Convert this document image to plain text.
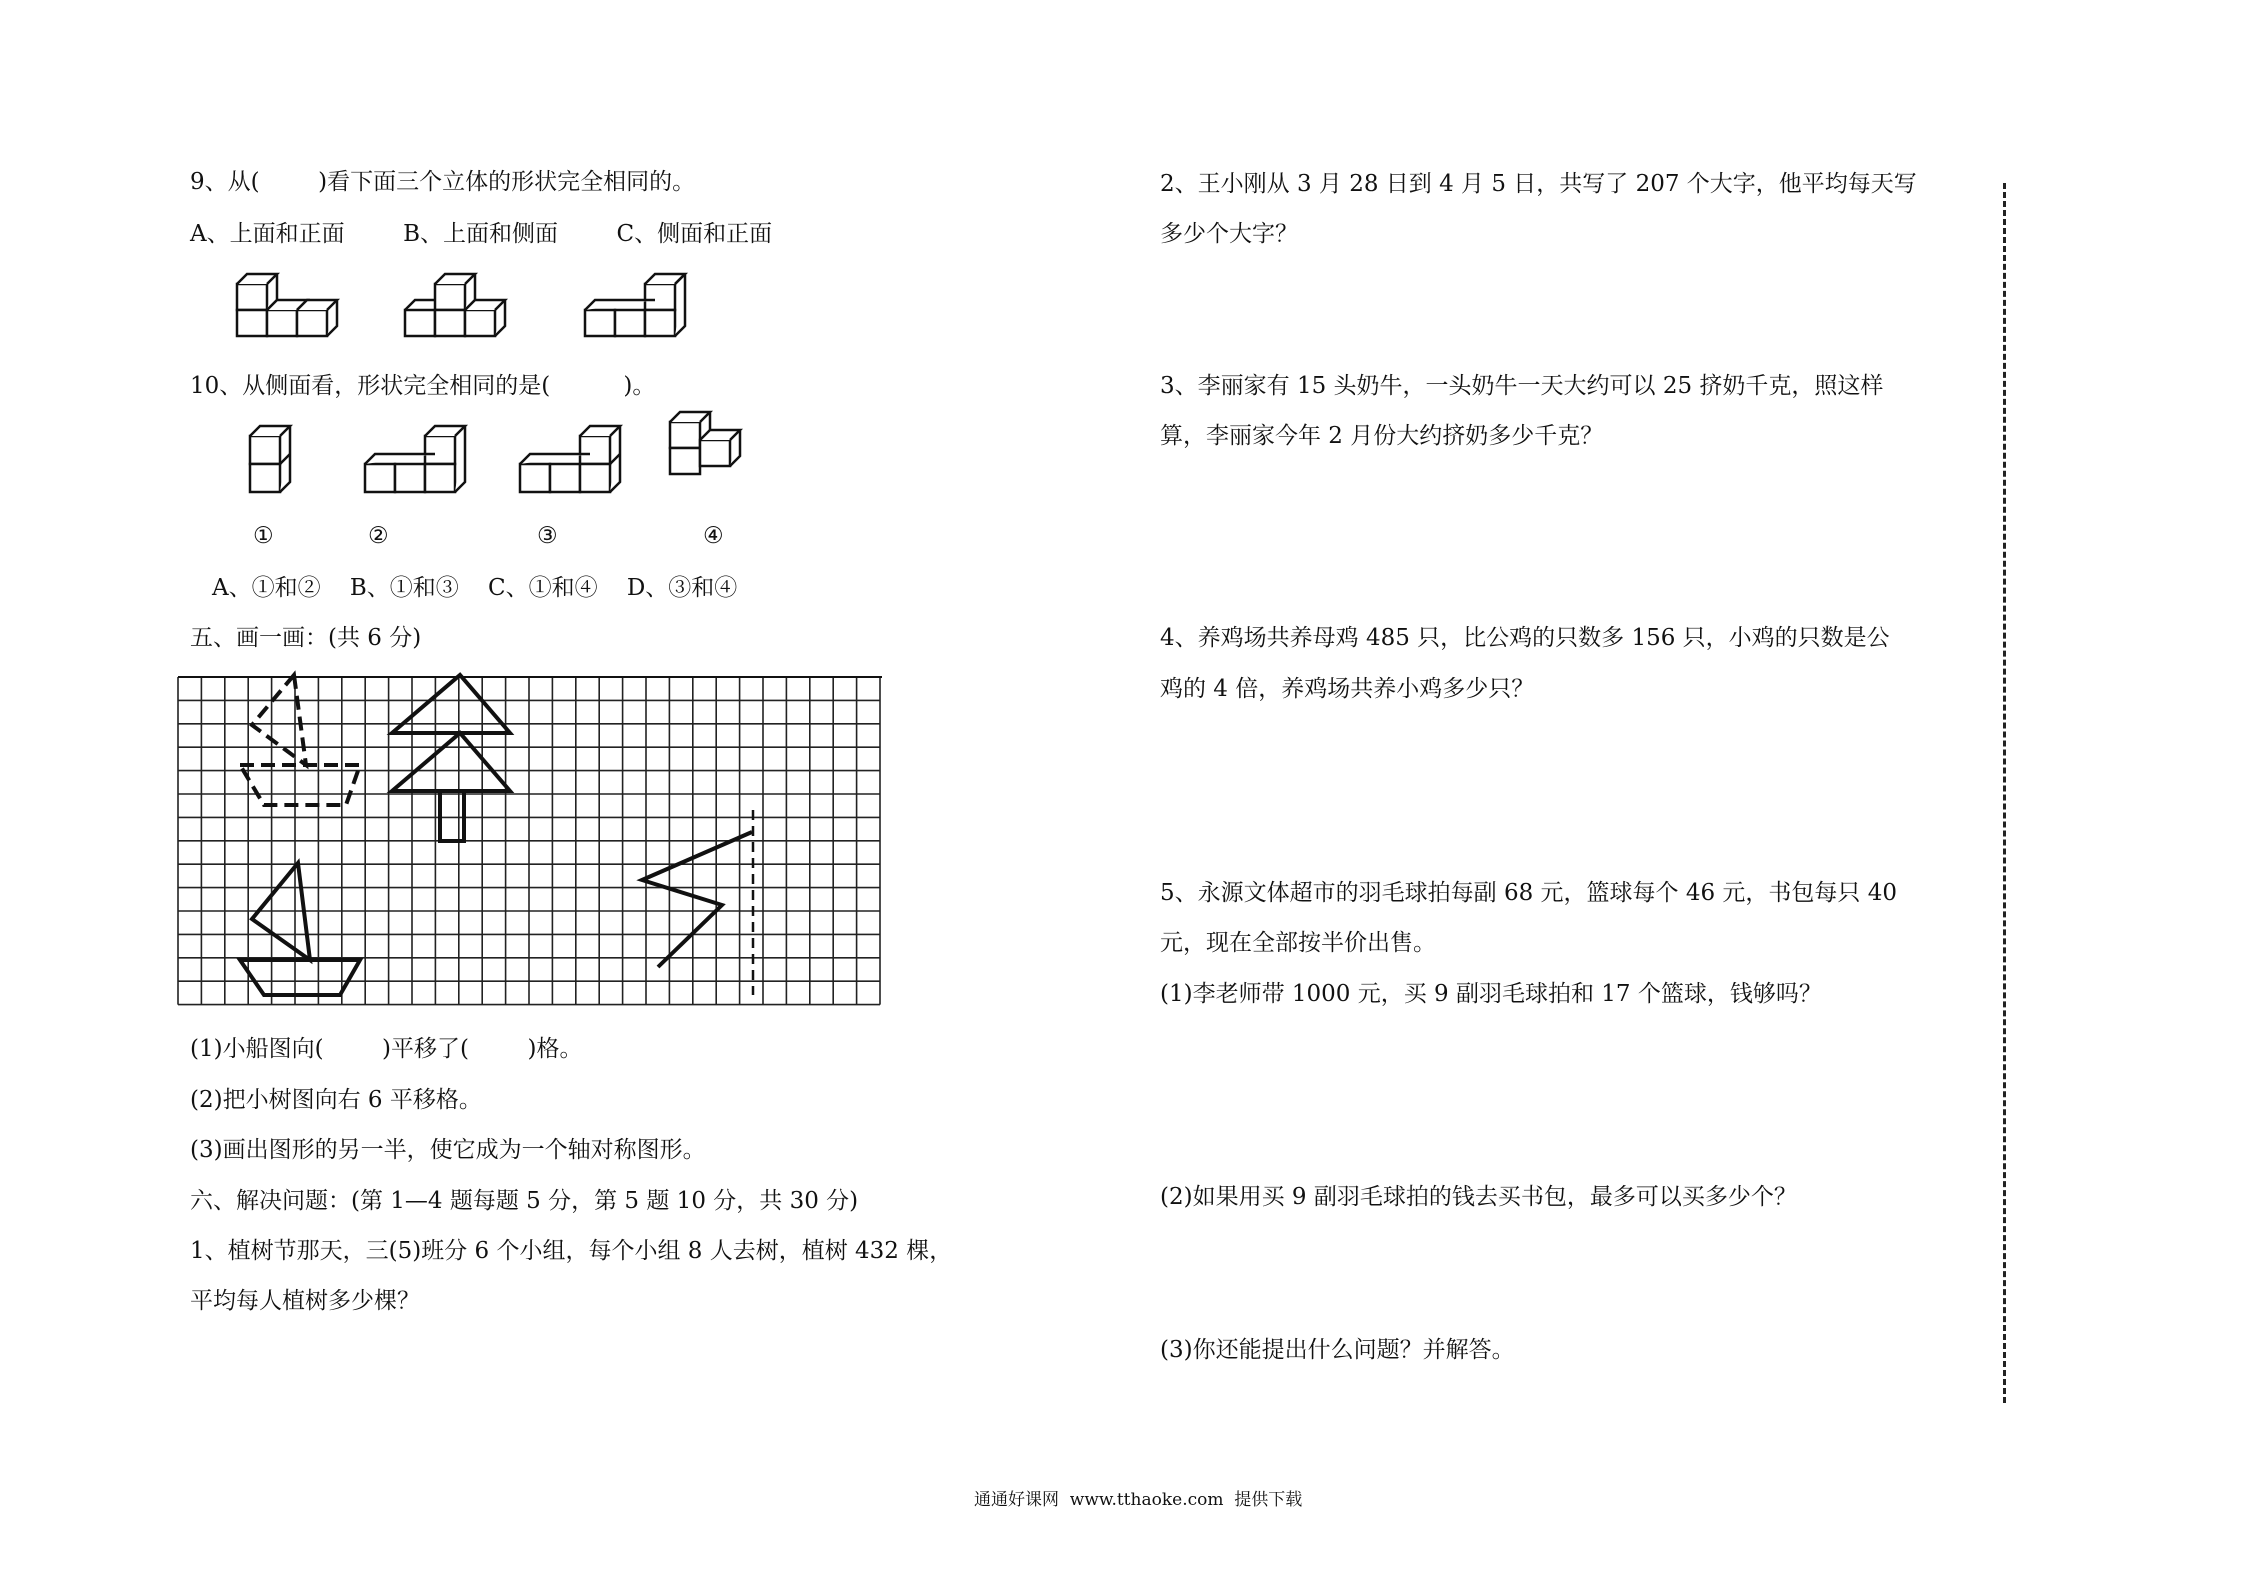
9、从(        )看下面三个立体的形状完全相同的。
A、上面和正面        B、上面和侧面        C、侧面和正面
10、从侧面看，形状完全相同的是(          )。
①	②	③	④
A、①和②    B、①和③    C、①和④    D、③和④
五、画一画：(共 6 分)
(1)小船图向(        )平移了(        )格。
(2)把小树图向右 6 平移格。
(3)画出图形的另一半，使它成为一个轴对称图形。
六、解决问题：(第 1—4 题每题 5 分，第 5 题 10 分，共 30 分)
1、植树节那天，三(5)班分 6 个小组，每个小组 8 人去树，植树 432 棵，
平均每人植树多少棵？
2、王小刚从 3 月 28 日到 4 月 5 日，共写了 207 个大字，他平均每天写
多少个大字？
3、李丽家有 15 头奶牛，一头奶牛一天大约可以 25 挤奶千克，照这样
算，李丽家今年 2 月份大约挤奶多少千克？
4、养鸡场共养母鸡 485 只，比公鸡的只数多 156 只，小鸡的只数是公
鸡的 4 倍，养鸡场共养小鸡多少只？
5、永源文体超市的羽毛球拍每副 68 元，篮球每个 46 元，书包每只 40
元，现在全部按半价出售。
(1)李老师带 1000 元，买 9 副羽毛球拍和 17 个篮球，钱够吗？
(2)如果用买 9 副羽毛球拍的钱去买书包，最多可以买多少个？
(3)你还能提出什么问题？并解答。
通通好课网  www.tthaoke.com  提供下载
